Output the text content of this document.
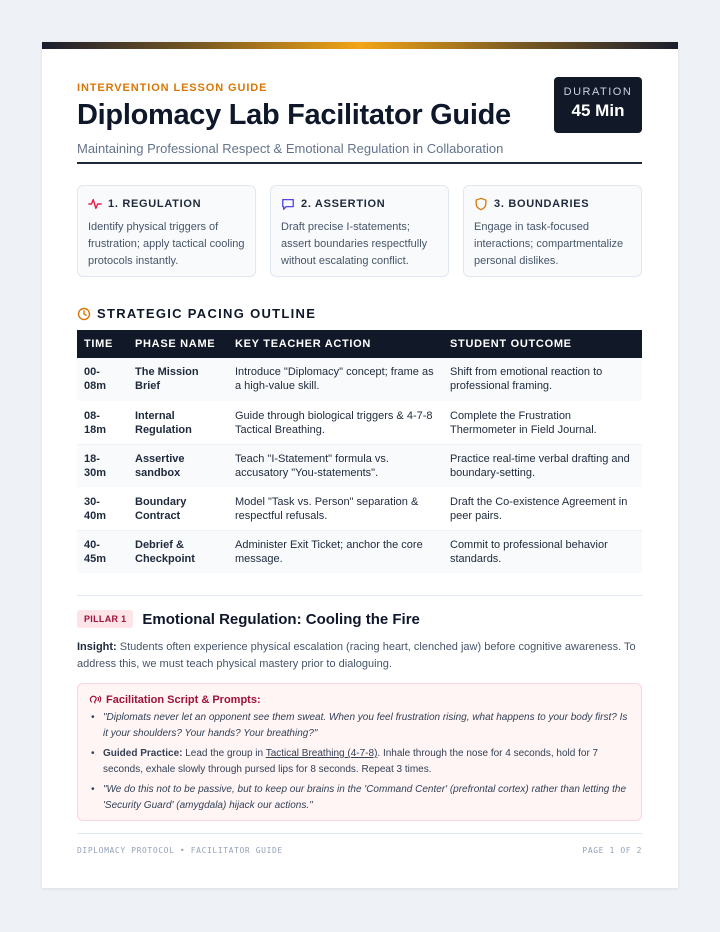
INTERVENTION LESSON GUIDE
Diplomacy Lab Facilitator Guide
Maintaining Professional Respect & Emotional Regulation in Collaboration
DURATION
45 Min
1. REGULATION
Identify physical triggers of frustration; apply tactical cooling protocols instantly.
2. ASSERTION
Draft precise I-statements; assert boundaries respectfully without escalating conflict.
3. BOUNDARIES
Engage in task-focused interactions; compartmentalize personal dislikes.
STRATEGIC PACING OUTLINE
TIME	PHASE NAME	KEY TEACHER ACTION	STUDENT OUTCOME
00-08m	The Mission Brief	Introduce "Diplomacy" concept; frame as a high-value skill.	Shift from emotional reaction to professional framing.
08-18m	Internal Regulation	Guide through biological triggers & 4-7-8 Tactical Breathing.	Complete the Frustration Thermometer in Field Journal.
18-30m	Assertive sandbox	Teach "I-Statement" formula vs. accusatory "You-statements".	Practice real-time verbal drafting and boundary-setting.
30-40m	Boundary Contract	Model "Task vs. Person" separation & respectful refusals.	Draft the Co-existence Agreement in peer pairs.
40-45m	Debrief & Checkpoint	Administer Exit Ticket; anchor the core message.	Commit to professional behavior standards.
PILLAR 1	Emotional Regulation: Cooling the Fire

Insight: Students often experience physical escalation (racing heart, clenched jaw) before cognitive awareness. To address this, we must teach physical mastery prior to dialoguing.

Facilitation Script & Prompts:
• "Diplomats never let an opponent see them sweat. When you feel frustration rising, what happens to your body first? Is it your shoulders? Your hands? Your breathing?"
• Guided Practice: Lead the group in Tactical Breathing (4-7-8). Inhale through the nose for 4 seconds, hold for 7 seconds, exhale slowly through pursed lips for 8 seconds. Repeat 3 times.
• "We do this not to be passive, but to keep our brains in the 'Command Center' (prefrontal cortex) rather than letting the 'Security Guard' (amygdala) hijack our actions."
DIPLOMACY PROTOCOL • FACILITATOR GUIDE	PAGE 1 OF 2
